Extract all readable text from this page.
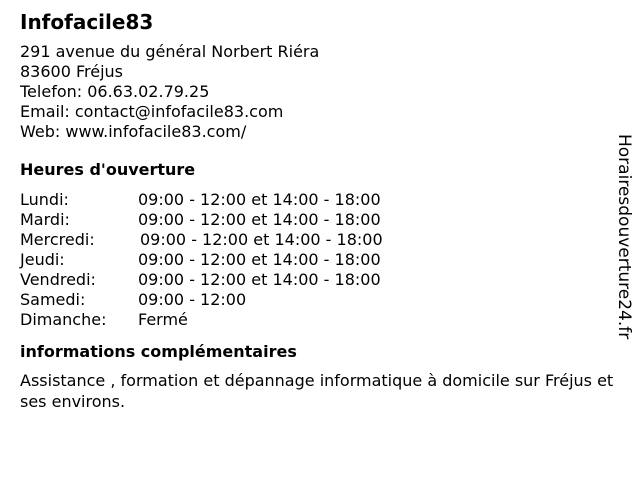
Infofacile83
291 avenue du général Norbert Riéra
83600 Fréjus
Telefon: 06.63.02.79.25
Email: contact@infofacile83.com
Web: www.infofacile83.com/
Heures d'ouverture
Lundi:	09:00 - 12:00 et 14:00 - 18:00
Mardi:	09:00 - 12:00 et 14:00 - 18:00
Mercredi:	09:00 - 12:00 et 14:00 - 18:00
Jeudi:	09:00 - 12:00 et 14:00 - 18:00
Vendredi:	09:00 - 12:00 et 14:00 - 18:00
Samedi:	09:00 - 12:00
Dimanche: Fermé
informations complémentaires
Assistance , formation et dépannage informatique à domicile sur Fréjus et ses environs.
Horairesdouverture24.fr
